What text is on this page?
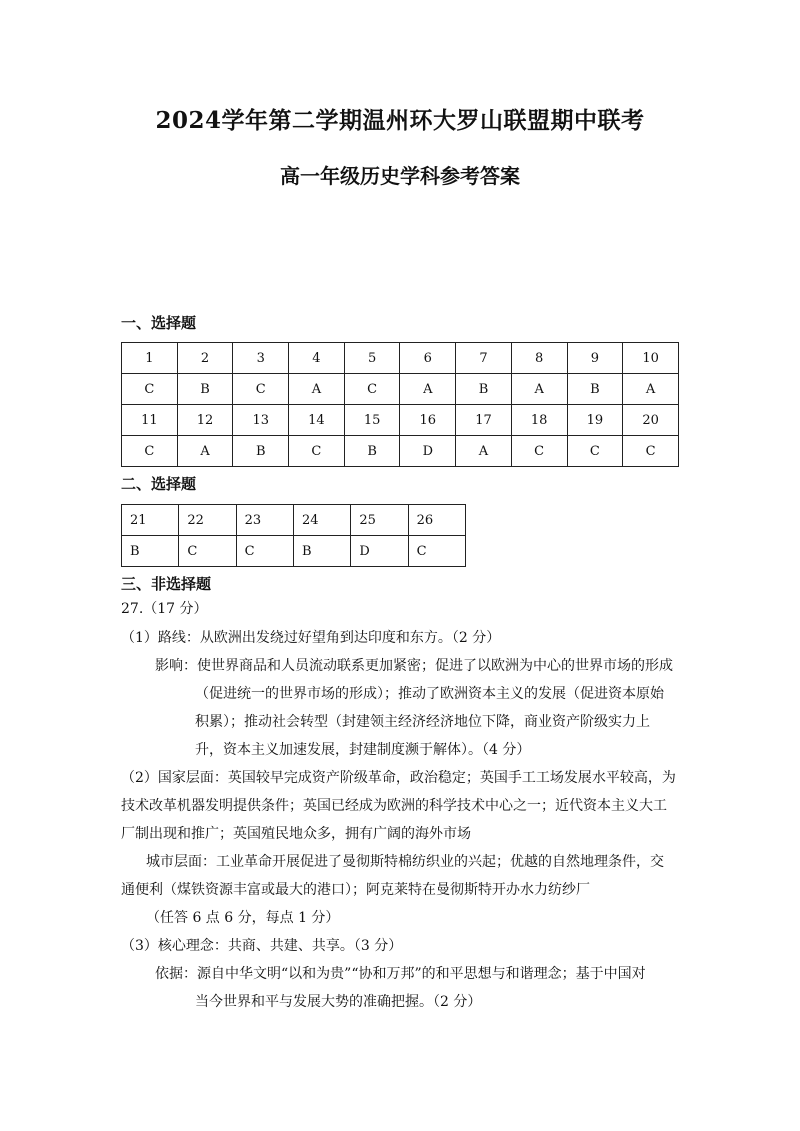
2024学年第二学期温州环大罗山联盟期中联考
高一年级历史学科参考答案
一、选择题
1	2	3	4	5	6	7	8	9	10
C	B	C	A	C	A	B	A	B	A
11	12	13	14	15	16	17	18	19	20
C	A	B	C	B	D	A	C	C	C
二、选择题
21	22	23	24	25	26
B	C	C	B	D	C
三、非选择题
27.（17 分）
（1）路线：从欧洲出发绕过好望角到达印度和东方。（2 分）
影响：使世界商品和人员流动联系更加紧密；促进了以欧洲为中心的世界市场的形成
（促进统一的世界市场的形成）；推动了欧洲资本主义的发展（促进资本原始
积累）；推动社会转型（封建领主经济经济地位下降，商业资产阶级实力上
升，资本主义加速发展，封建制度濒于解体）。（4 分）
（2）国家层面：英国较早完成资产阶级革命，政治稳定；英国手工工场发展水平较高，为
技术改革机器发明提供条件；英国已经成为欧洲的科学技术中心之一；近代资本主义大工
厂制出现和推广；英国殖民地众多，拥有广阔的海外市场
城市层面：工业革命开展促进了曼彻斯特棉纺织业的兴起；优越的自然地理条件，交
通便利（煤铁资源丰富或最大的港口）；阿克莱特在曼彻斯特开办水力纺纱厂
（任答 6 点 6 分，每点 1 分）
（3）核心理念：共商、共建、共享。（3 分）
依据：源自中华文明“以和为贵”“协和万邦”的和平思想与和谐理念；基于中国对
当今世界和平与发展大势的准确把握。（2 分）
